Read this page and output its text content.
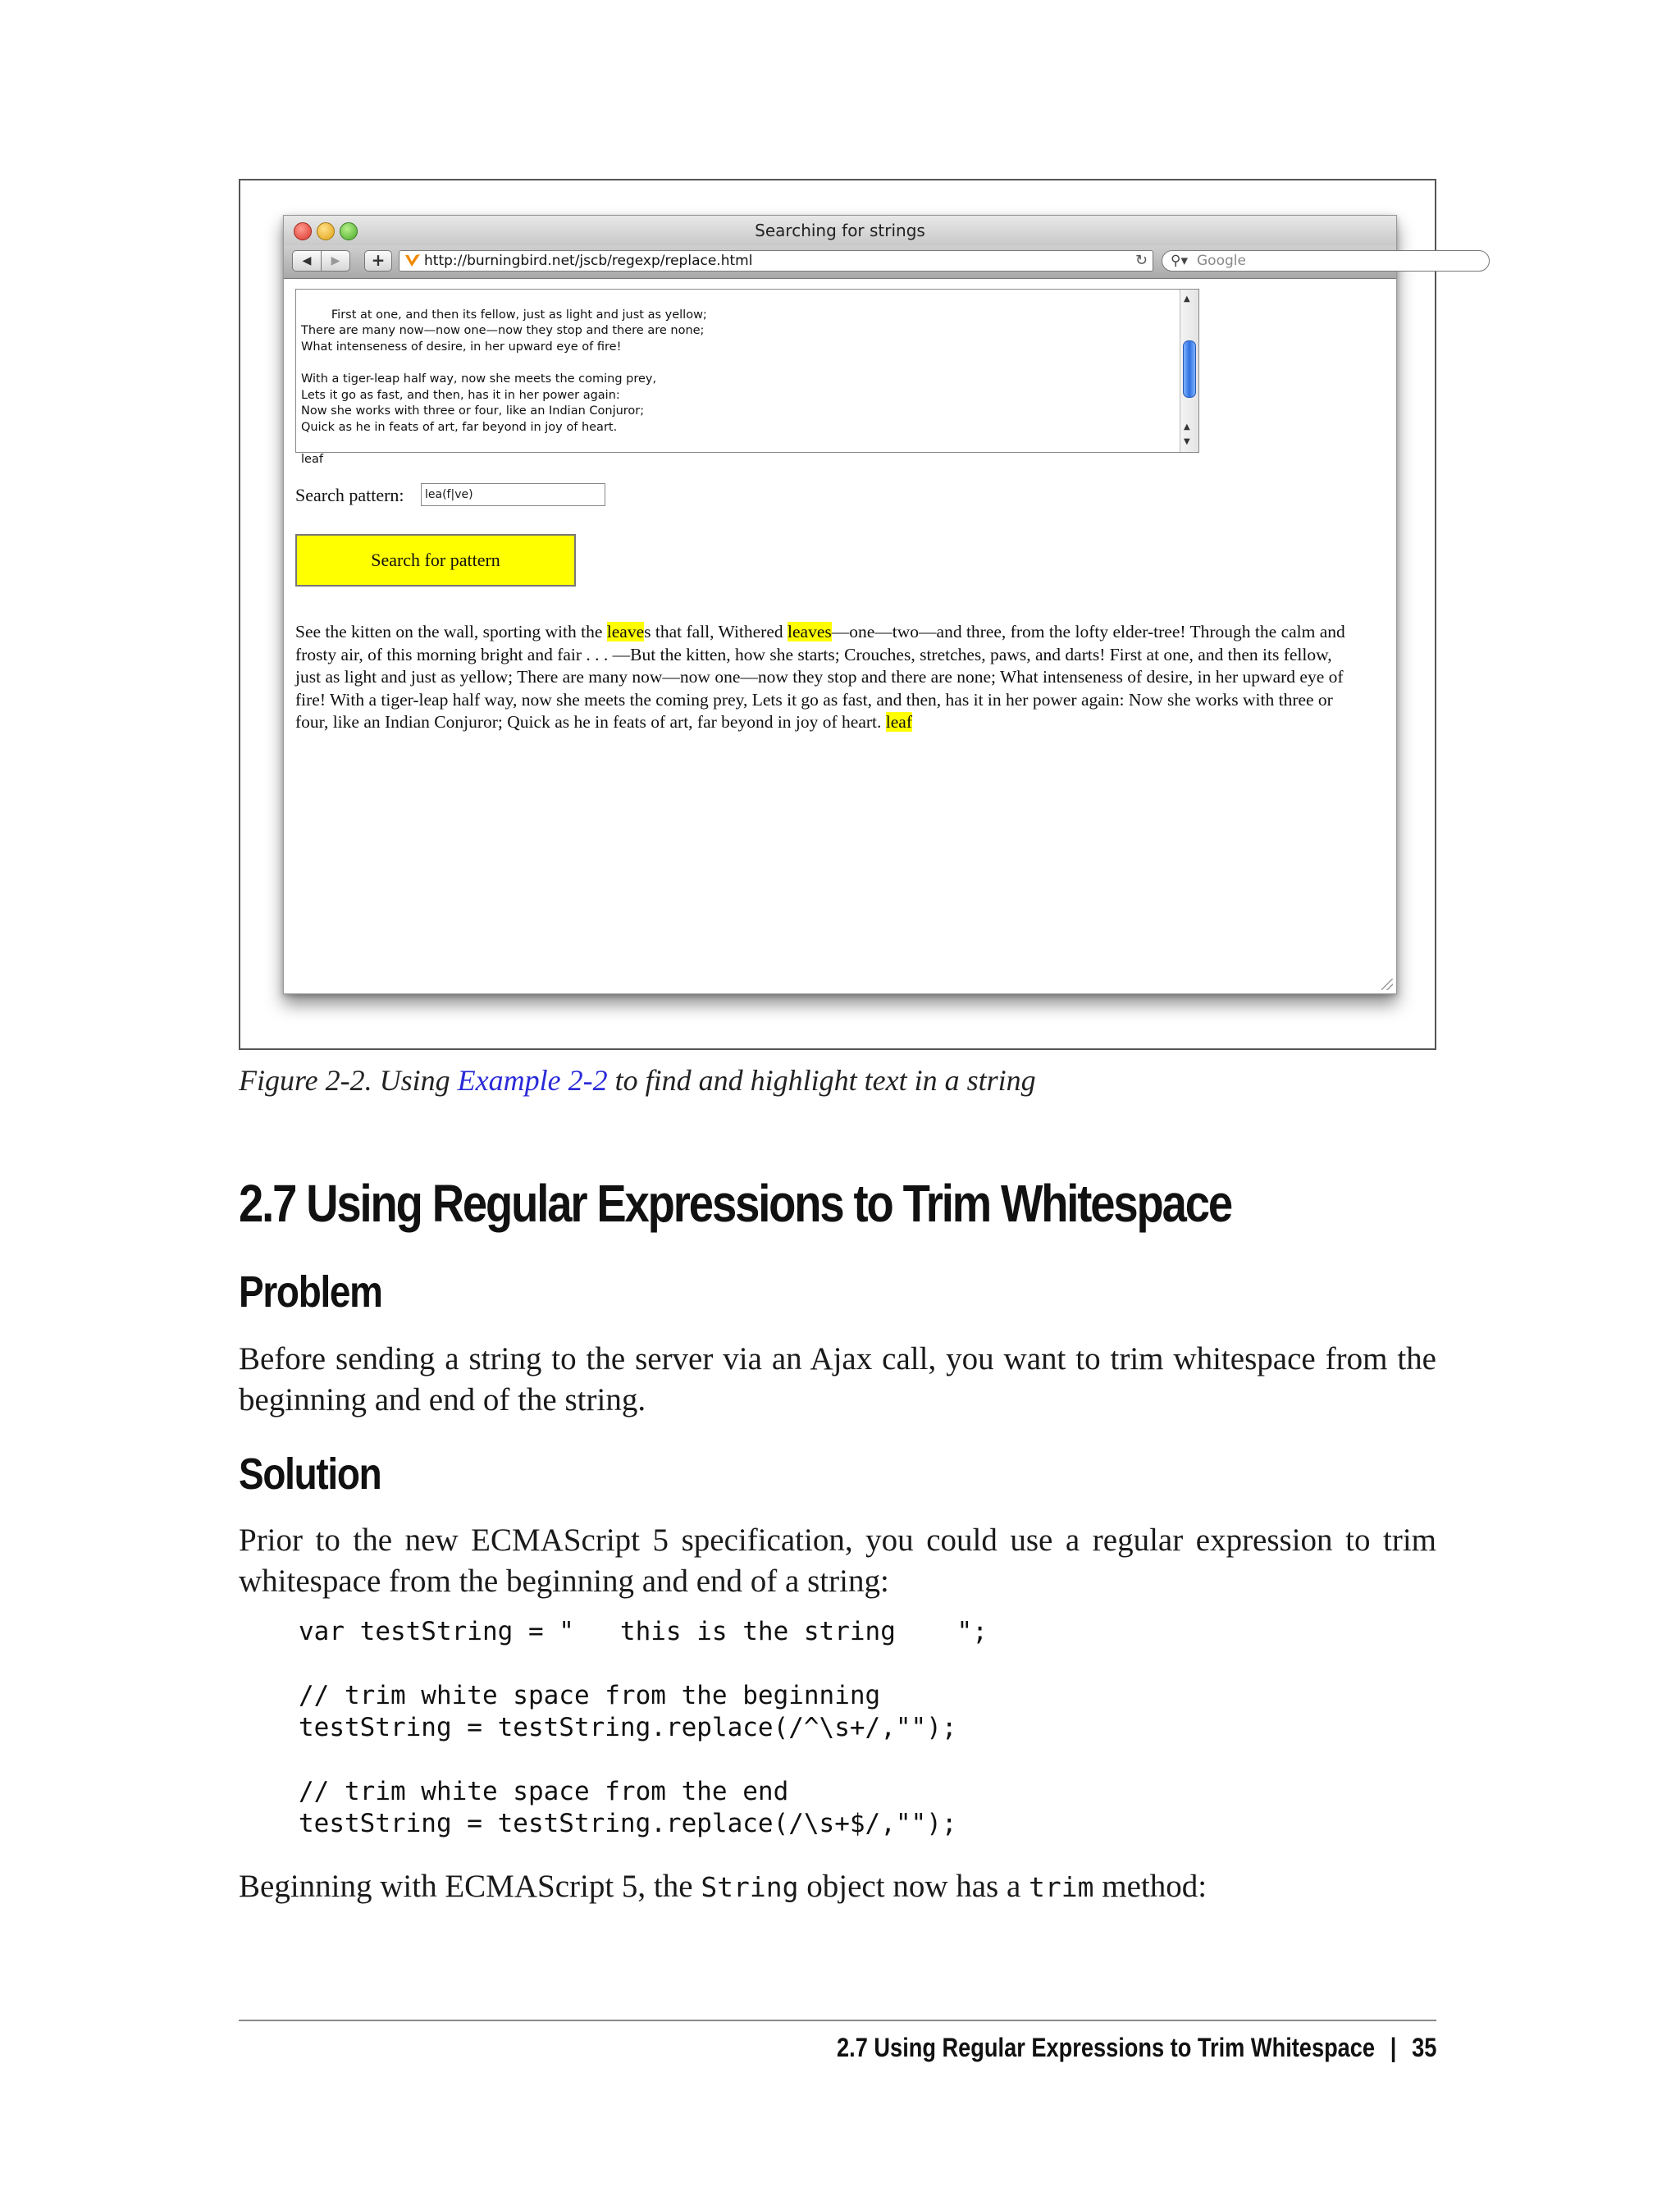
Searching for strings
◀	▶	+	http://burningbird.net/jscb/regexp/replace.html	↻ ⚲▾ Google

First at one, and then its fellow, just as light and just as yellow;
There are many now—now one—now they stop and there are none;
What intenseness of desire, in her upward eye of fire!

With a tiger-leap half way, now she meets the coming prey,
Lets it go as fast, and then, has it in her power again:
Now she works with three or four, like an Indian Conjuror;
Quick as he in feats of art, far beyond in joy of heart.

leaf

▲

▲

▼

Search pattern:	lea(f|ve)
Search for pattern
See the kitten on the wall, sporting with the leaves that fall, Withered leaves—one—two—and three, from the lofty elder-tree! Through the calm and frosty air, of this morning bright and fair . . . —But the kitten, how she starts; Crouches, stretches, paws, and darts! First at one, and then its fellow, just as light and just as yellow; There are many now—now one—now they stop and there are none; What intenseness of desire, in her upward eye of fire! With a tiger-leap half way, now she meets the coming prey, Lets it go as fast, and then, has it in her power again: Now she works with three or four, like an Indian Conjuror; Quick as he in feats of art, far beyond in joy of heart. leaf
Figure 2-2. Using Example 2-2 to find and highlight text in a string
2.7 Using Regular Expressions to Trim Whitespace
Problem
Before sending a string to the server via an Ajax call, you want to trim whitespace from the beginning and end of the string.
Solution
Prior to the new ECMAScript 5 specification, you could use a regular expression to trim whitespace from the beginning and end of a string:
var testString = "   this is the string    ";

// trim white space from the beginning
testString = testString.replace(/^\s+/,"");

// trim white space from the end
testString = testString.replace(/\s+$/,"");
Beginning with ECMAScript 5, the String object now has a trim method:
2.7 Using Regular Expressions to Trim Whitespace | 35
